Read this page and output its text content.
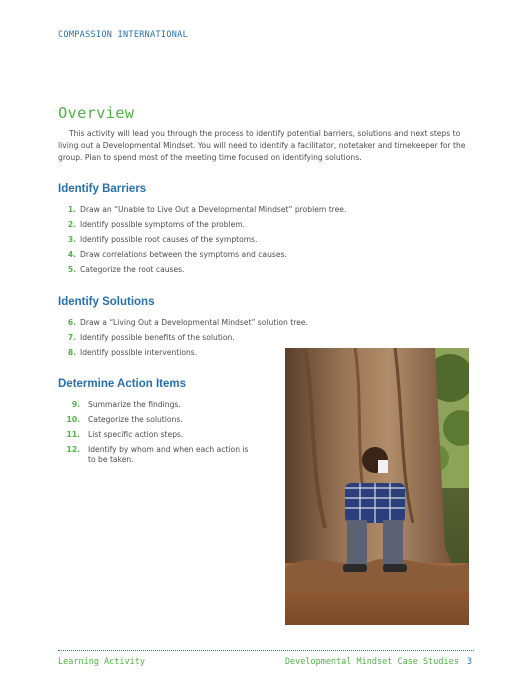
COMPASSION INTERNATIONAL
Overview
This activity will lead you through the process to identify potential barriers, solutions and next steps to living out a Developmental Mindset. You will need to identify a facilitator, notetaker and timekeeper for the group. Plan to spend most of the meeting time focused on identifying solutions.
Identify Barriers
1. Draw an “Unable to Live Out a Developmental Mindset” problem tree.
2. Identify possible symptoms of the problem.
3. Identify possible root causes of the symptoms.
4. Draw correlations between the symptoms and causes.
5. Categorize the root causes.
Identify Solutions
6. Draw a “Living Out a Developmental Mindset” solution tree.
7. Identify possible benefits of the solution.
8. Identify possible interventions.
Determine Action Items
9.	Summarize the findings.
10.	Categorize the solutions.
11.	List specific action steps.
12.	Identify by whom and when each action is to be taken.
Learning Activity	Developmental Mindset Case Studies 3
